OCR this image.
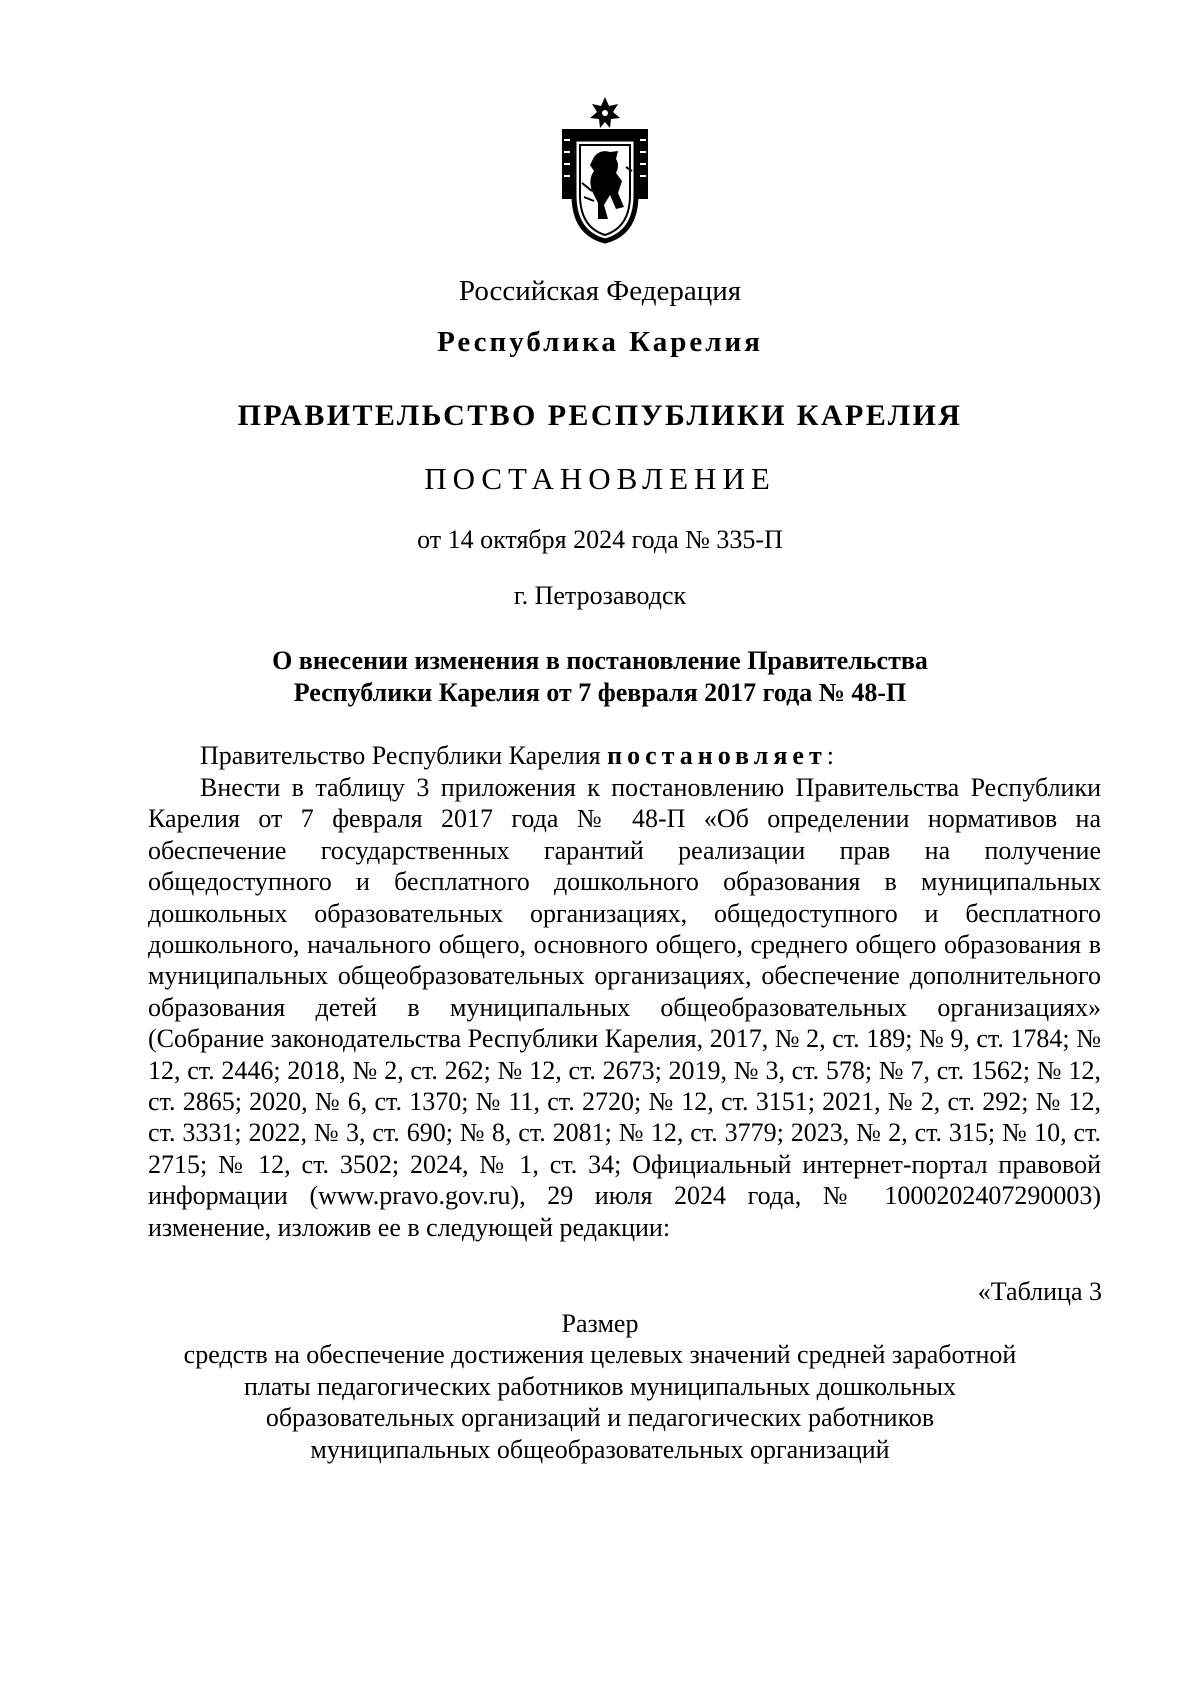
Российская Федерация
Республика Карелия
ПРАВИТЕЛЬСТВО РЕСПУБЛИКИ КАРЕЛИЯ
ПОСТАНОВЛЕНИЕ
от 14 октября 2024 года № 335-П
г. Петрозаводск
О внесении изменения в постановление Правительства
Республики Карелия от 7 февраля 2017 года № 48-П
Правительство Республики Карелия постановляет:
Внести в таблицу 3 приложения к постановлению Правительства Республики Карелия от 7 февраля 2017 года № 48-П «Об определении нормативов на обеспечение государственных гарантий реализации прав на получение общедоступного и бесплатного дошкольного образования в муниципальных дошкольных образовательных организациях, общедоступного и бесплатного дошкольного, начального общего, основного общего, среднего общего образования в муниципальных общеобразовательных организациях, обеспечение дополнительного образования детей в муниципальных общеобразовательных организациях» (Собрание законодательства Республики Карелия, 2017, № 2, ст. 189; № 9, ст. 1784; № 12, ст. 2446; 2018, № 2, ст. 262; № 12, ст. 2673; 2019, № 3, ст. 578; № 7, ст. 1562; № 12, ст. 2865; 2020, № 6, ст. 1370; № 11, ст. 2720; № 12, ст. 3151; 2021, № 2, ст. 292; № 12, ст. 3331; 2022, № 3, ст. 690; № 8, ст. 2081; № 12, ст. 3779; 2023, № 2, ст. 315; № 10, ст. 2715; № 12, ст. 3502; 2024, № 1, ст. 34; Официальный интернет-портал правовой информации (www.pravo.gov.ru), 29 июля 2024 года, № 1000202407290003) изменение, изложив ее в следующей редакции:
«Таблица 3
Размер
средств на обеспечение достижения целевых значений средней заработной
платы педагогических работников муниципальных дошкольных
образовательных организаций и педагогических работников
муниципальных общеобразовательных организаций
